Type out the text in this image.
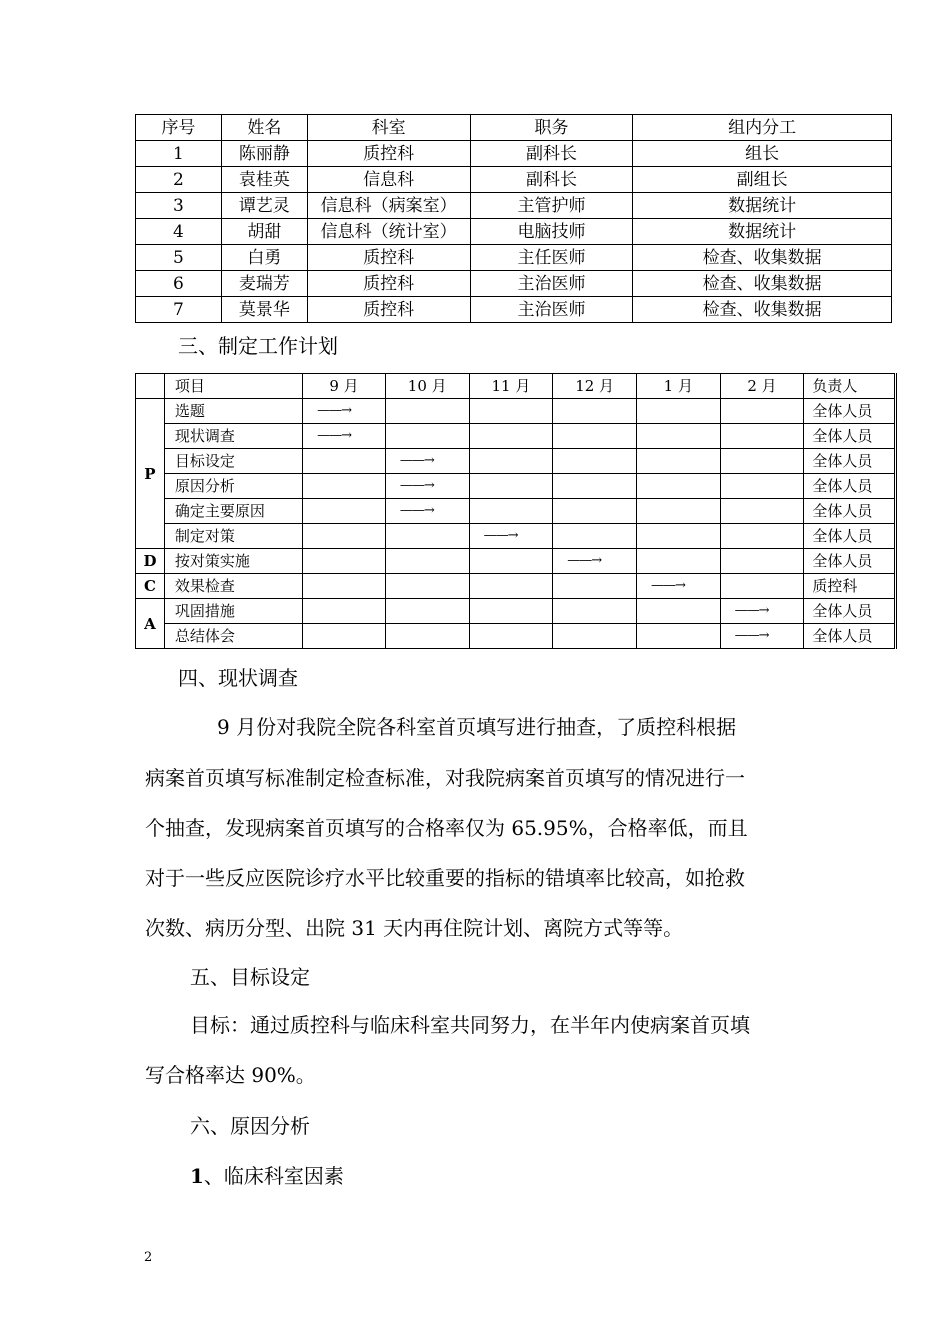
序号	姓名	科室	职务	组内分工
1	陈丽静	质控科	副科长	组长
2	袁桂英	信息科	副科长	副组长
3	谭艺灵	信息科（病案室）	主管护师	数据统计
4	胡甜	信息科（统计室）	电脑技师	数据统计
5	白勇	质控科	主任医师	检查、收集数据
6	麦瑞芳	质控科	主治医师	检查、收集数据
7	莫景华	质控科	主治医师	检查、收集数据

三、制定工作计划

	项目	9 月	10 月	11 月	12 月	1 月	2 月	负责人
P	选题	——→						全体人员
	现状调查	——→						全体人员
	目标设定		——→					全体人员
	原因分析		——→					全体人员
	确定主要原因		——→					全体人员
	制定对策			——→				全体人员
D	按对策实施				——→			全体人员
C	效果检查					——→		质控科
A	巩固措施						——→	全体人员
	总结体会						——→	全体人员

四、现状调查

9 月份对我院全院各科室首页填写进行抽查，了质控科根据

病案首页填写标准制定检查标准，对我院病案首页填写的情况进行一

个抽查，发现病案首页填写的合格率仅为 65.95%，合格率低，而且

对于一些反应医院诊疗水平比较重要的指标的错填率比较高，如抢救

次数、病历分型、出院 31 天内再住院计划、离院方式等等。

五、目标设定

目标：通过质控科与临床科室共同努力，在半年内使病案首页填

写合格率达 90%。

六、原因分析

1、临床科室因素

2
